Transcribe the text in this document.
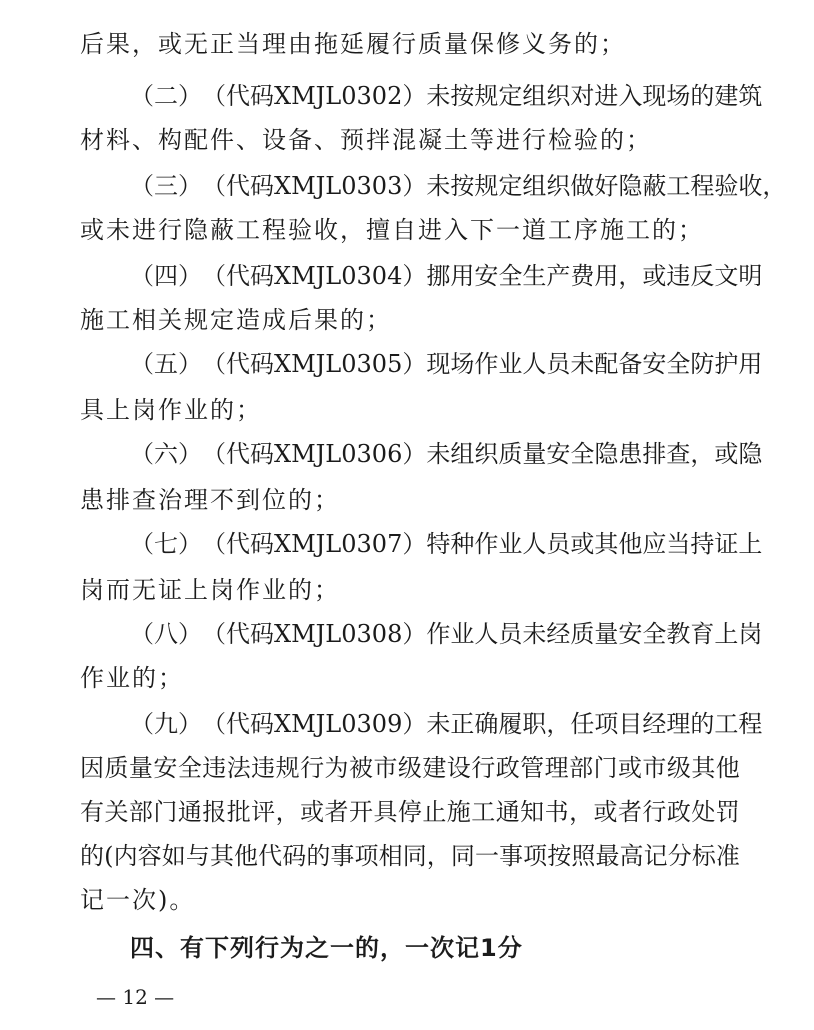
后果，或无正当理由拖延履行质量保修义务的；
（ 二 ） （ 代 码 X M J L 0 3 0 2 ） 未 按 规 定 组 织 对 进 入 现 场 的 建 筑
材料、构配件、设备、预拌混凝土等进行检验的；
（ 三 ） （ 代 码 X M J L 0 3 0 3 ） 未 按 规 定 组 织 做 好 隐 蔽 工 程 验 收 ，
或未进行隐蔽工程验收，擅自进入下一道工序施工的；
（ 四 ） （ 代 码 X M J L 0 3 0 4 ） 挪 用 安 全 生 产 费 用 ， 或 违 反 文 明
施工相关规定造成后果的；
（ 五 ） （ 代 码 X M J L 0 3 0 5 ） 现 场 作 业 人 员 未 配 备 安 全 防 护 用
具上岗作业的；
（ 六 ） （ 代 码 X M J L 0 3 0 6 ） 未 组 织 质 量 安 全 隐 患 排 查 ， 或 隐
患排查治理不到位的；
（ 七 ） （ 代 码 X M J L 0 3 0 7 ） 特 种 作 业 人 员 或 其 他 应 当 持 证 上
岗而无证上岗作业的；
（ 八 ） （ 代 码 X M J L 0 3 0 8 ） 作 业 人 员 未 经 质 量 安 全 教 育 上 岗
作业的；
（ 九 ） （ 代 码 X M J L 0 3 0 9 ） 未 正 确 履 职 ， 任 项 目 经 理 的 工 程
因 质 量 安 全 违 法 违 规 行 为 被 市 级 建 设 行 政 管 理 部 门 或 市 级 其 他
有 关 部 门 通 报 批 评 ， 或 者 开 具 停 止 施 工 通 知 书 ， 或 者 行 政 处 罚
的 ( 内 容 如 与 其 他 代 码 的 事 项 相 同 ， 同 一 事 项 按 照 最 高 记 分 标 准
记一次)。
四、有下列行为之一的，一次记1分
— 12 —
